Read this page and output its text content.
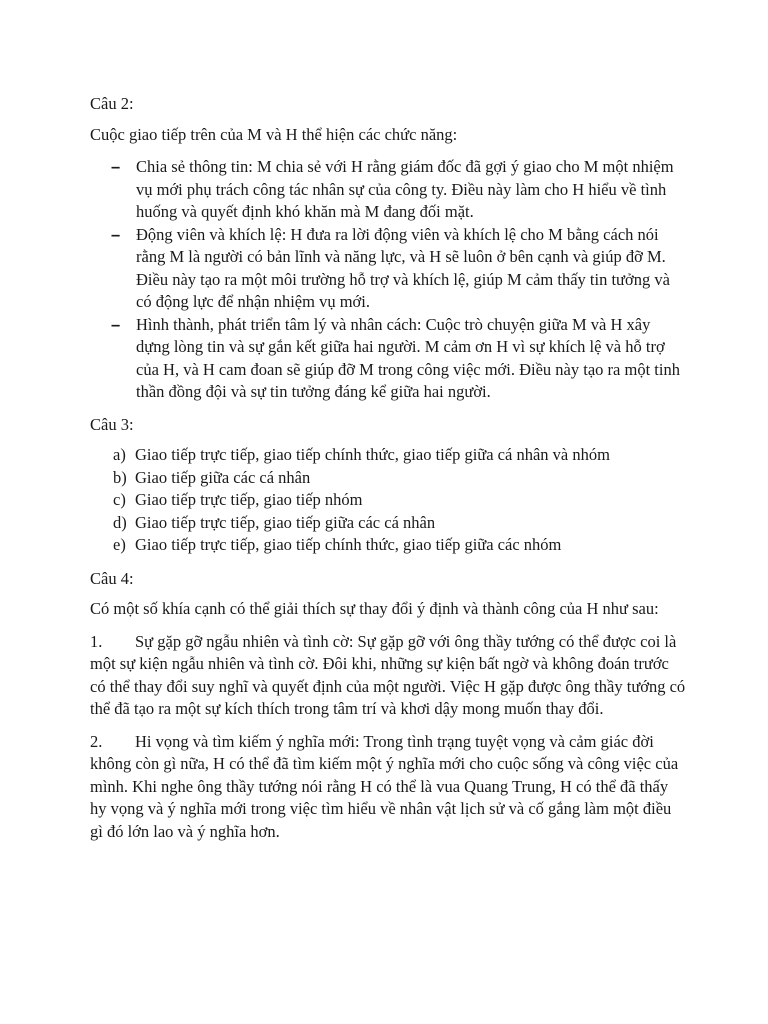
Câu 2:

Cuộc giao tiếp trên của M và H thể hiện các chức năng:

– Chia sẻ thông tin: M chia sẻ với H rằng giám đốc đã gợi ý giao cho M một nhiệm vụ mới phụ trách công tác nhân sự của công ty. Điều này làm cho H hiểu về tình huống và quyết định khó khăn mà M đang đối mặt.
– Động viên và khích lệ: H đưa ra lời động viên và khích lệ cho M bằng cách nói rằng M là người có bản lĩnh và năng lực, và H sẽ luôn ở bên cạnh và giúp đỡ M. Điều này tạo ra một môi trường hỗ trợ và khích lệ, giúp M cảm thấy tin tưởng và có động lực để nhận nhiệm vụ mới.
– Hình thành, phát triển tâm lý và nhân cách: Cuộc trò chuyện giữa M và H xây dựng lòng tin và sự gắn kết giữa hai người. M cảm ơn H vì sự khích lệ và hỗ trợ của H, và H cam đoan sẽ giúp đỡ M trong công việc mới. Điều này tạo ra một tinh thần đồng đội và sự tin tưởng đáng kể giữa hai người.

Câu 3:

a) Giao tiếp trực tiếp, giao tiếp chính thức, giao tiếp giữa cá nhân và nhóm
b) Giao tiếp giữa các cá nhân
c) Giao tiếp trực tiếp, giao tiếp nhóm
d) Giao tiếp trực tiếp, giao tiếp giữa các cá nhân
e) Giao tiếp trực tiếp, giao tiếp chính thức, giao tiếp giữa các nhóm

Câu 4:

Có một số khía cạnh có thể giải thích sự thay đổi ý định và thành công của H như sau:

1. Sự gặp gỡ ngẫu nhiên và tình cờ: Sự gặp gỡ với ông thầy tướng có thể được coi là một sự kiện ngẫu nhiên và tình cờ. Đôi khi, những sự kiện bất ngờ và không đoán trước có thể thay đổi suy nghĩ và quyết định của một người. Việc H gặp được ông thầy tướng có thể đã tạo ra một sự kích thích trong tâm trí và khơi dậy mong muốn thay đổi.

2. Hi vọng và tìm kiếm ý nghĩa mới: Trong tình trạng tuyệt vọng và cảm giác đời không còn gì nữa, H có thể đã tìm kiếm một ý nghĩa mới cho cuộc sống và công việc của mình. Khi nghe ông thầy tướng nói rằng H có thể là vua Quang Trung, H có thể đã thấy hy vọng và ý nghĩa mới trong việc tìm hiểu về nhân vật lịch sử và cố gắng làm một điều gì đó lớn lao và ý nghĩa hơn.
